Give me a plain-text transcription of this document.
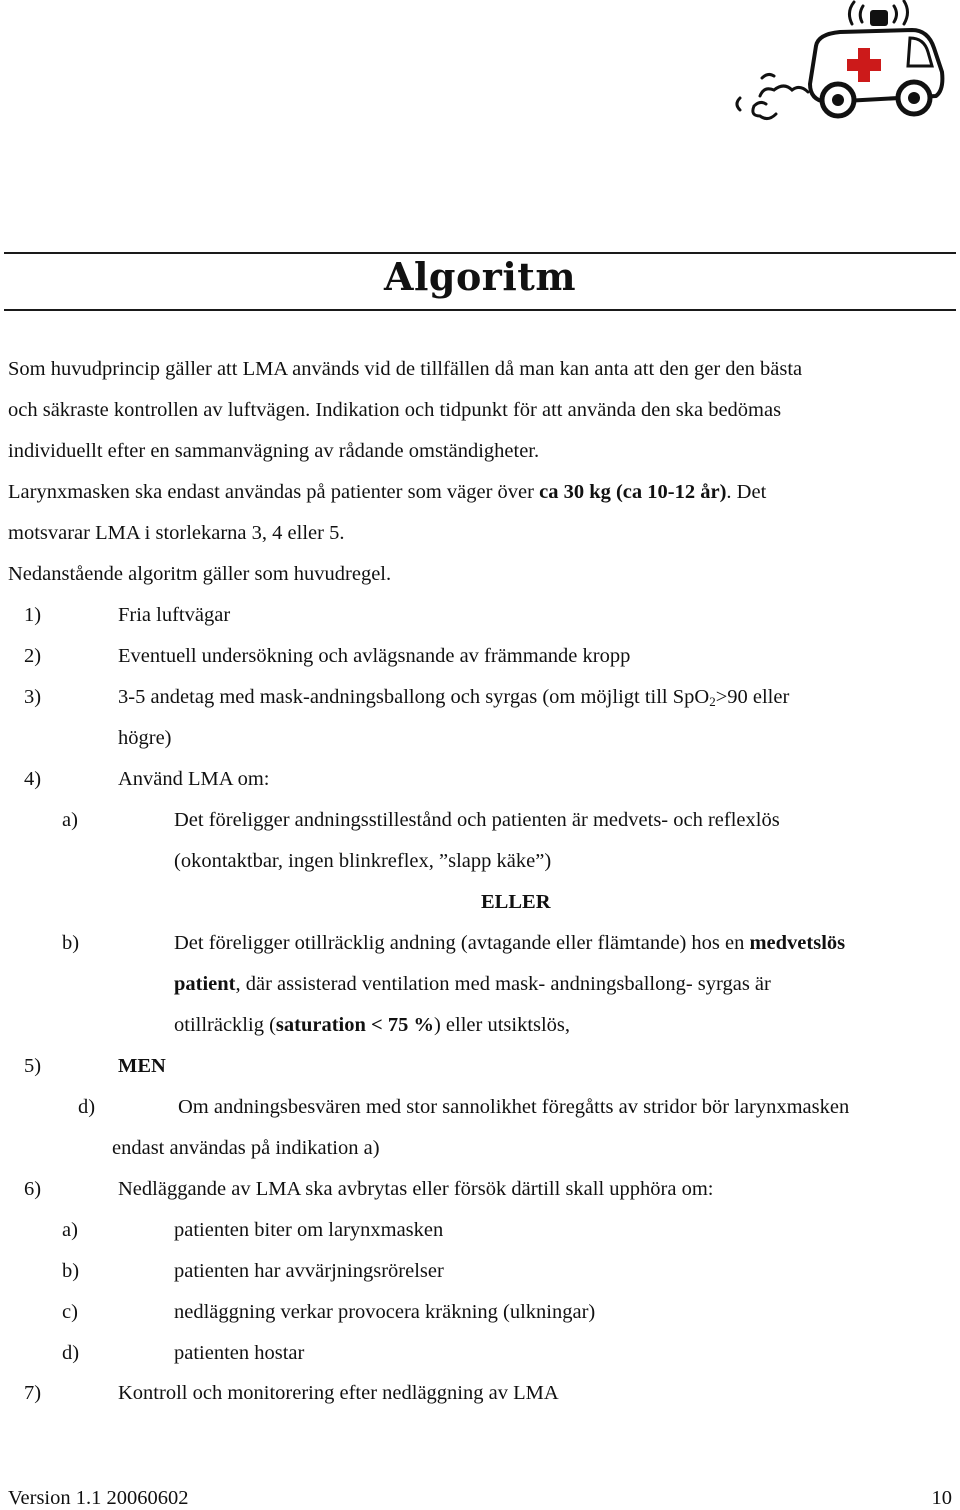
Algoritm
Som huvudprincip gäller att LMA används vid de tillfällen då man kan anta att den ger den bästa
och säkraste kontrollen av luftvägen. Indikation och tidpunkt för att använda den ska bedömas
individuellt efter en sammanvägning av rådande omständigheter.
Larynxmasken ska endast användas på patienter som väger över ca 30 kg (ca 10-12 år). Det
motsvarar LMA i storlekarna 3, 4 eller 5.
Nedanstående algoritm gäller som huvudregel.
1)	Fria luftvägar
2)	Eventuell undersökning och avlägsnande av främmande kropp
3)	3-5 andetag med mask-andningsballong och syrgas (om möjligt till SpO$_2$>90 eller
högre)
4)	Använd LMA om:
a)	Det föreligger andningsstillestånd och patienten är medvets- och reflexlös
(okontaktbar, ingen blinkreflex, ”slapp käke”)
ELLER
b)	Det föreligger otillräcklig andning (avtagande eller flämtande) hos en medvetslös
patient, där assisterad ventilation med mask- andningsballong- syrgas är
otillräcklig (saturation < 75 %) eller utsiktslös,
5)	MEN
d)	Om andningsbesvären med stor sannolikhet föregåtts av stridor bör larynxmasken
endast användas på indikation a)
6)	Nedläggande av LMA ska avbrytas eller försök därtill skall upphöra om:
a)	patienten biter om larynxmasken
b)	patienten har avvärjningsrörelser
c)	nedläggning verkar provocera kräkning (ulkningar)
d)	patienten hostar
7)	Kontroll och monitorering efter nedläggning av LMA
Version 1.1 20060602	10
